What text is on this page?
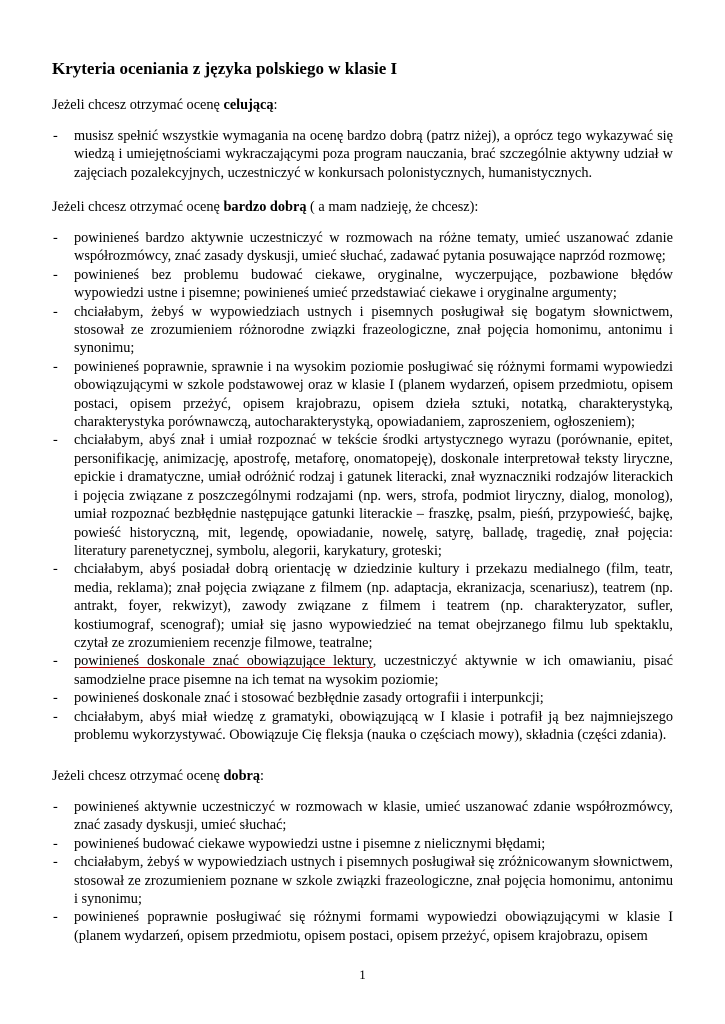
Kryteria oceniania z języka polskiego w klasie I
Jeżeli chcesz otrzymać ocenę celującą:
- musisz spełnić wszystkie wymagania na ocenę bardzo dobrą (patrz niżej), a oprócz tego wykazywać się wiedzą i umiejętnościami wykraczającymi poza program nauczania, brać szczególnie aktywny udział w zajęciach pozalekcyjnych, uczestniczyć w konkursach polonistycznych, humanistycznych.
Jeżeli chcesz otrzymać ocenę bardzo dobrą ( a mam nadzieję, że chcesz):
- powinieneś bardzo aktywnie uczestniczyć w rozmowach na różne tematy, umieć uszanować zdanie współrozmówcy, znać zasady dyskusji, umieć słuchać, zadawać pytania posuwające naprzód rozmowę;
- powinieneś bez problemu budować ciekawe, oryginalne, wyczerpujące, pozbawione błędów wypowiedzi ustne i pisemne; powinieneś umieć przedstawiać ciekawe i oryginalne argumenty;
- chciałabym, żebyś w wypowiedziach ustnych i pisemnych posługiwał się bogatym słownictwem, stosował ze zrozumieniem różnorodne związki frazeologiczne, znał pojęcia homonimu, antonimu i synonimu;
- powinieneś poprawnie, sprawnie i na wysokim poziomie posługiwać się różnymi formami wypowiedzi obowiązującymi w szkole podstawowej oraz w klasie I (planem wydarzeń, opisem przedmiotu, opisem postaci, opisem przeżyć, opisem krajobrazu, opisem dzieła sztuki, notatką, charakterystyką, charakterystyka porównawczą, autocharakterystyką, opowiadaniem, zaproszeniem, ogłoszeniem);
- chciałabym, abyś znał i umiał rozpoznać w tekście środki artystycznego wyrazu (porównanie, epitet, personifikację, animizację, apostrofę, metaforę, onomatopeję), doskonale interpretował teksty liryczne, epickie i dramatyczne, umiał odróżnić rodzaj i gatunek literacki, znał wyznaczniki rodzajów literackich i pojęcia związane z poszczególnymi rodzajami (np. wers, strofa, podmiot liryczny, dialog, monolog), umiał rozpoznać bezbłędnie następujące gatunki literackie – fraszkę, psalm, pieśń, przypowieść, bajkę, powieść historyczną, mit, legendę, opowiadanie, nowelę, satyrę, balladę, tragedię, znał pojęcia: literatury parenetycznej, symbolu, alegorii, karykatury, groteski;
- chciałabym, abyś posiadał dobrą orientację w dziedzinie kultury i przekazu medialnego (film, teatr, media, reklama); znał pojęcia związane z filmem (np. adaptacja, ekranizacja, scenariusz), teatrem (np. antrakt, foyer, rekwizyt), zawody związane z filmem i teatrem (np. charakteryzator, sufler, kostiumograf, scenograf); umiał się jasno wypowiedzieć na temat obejrzanego filmu lub spektaklu, czytał ze zrozumieniem recenzje filmowe, teatralne;
- powinieneś doskonale znać obowiązujące lektury, uczestniczyć aktywnie w ich omawianiu, pisać samodzielne prace pisemne na ich temat na wysokim poziomie;
- powinieneś doskonale znać i stosować bezbłędnie zasady ortografii i interpunkcji;
- chciałabym, abyś miał wiedzę z gramatyki, obowiązującą w I klasie i potrafił ją bez najmniejszego problemu wykorzystywać. Obowiązuje Cię fleksja (nauka o częściach mowy), składnia (części zdania).
Jeżeli chcesz otrzymać ocenę dobrą:
- powinieneś aktywnie uczestniczyć w rozmowach w klasie, umieć uszanować zdanie współrozmówcy, znać zasady dyskusji, umieć słuchać;
- powinieneś budować ciekawe wypowiedzi ustne i pisemne z nielicznymi błędami;
- chciałabym, żebyś w wypowiedziach ustnych i pisemnych posługiwał się zróżnicowanym słownictwem, stosował ze zrozumieniem poznane w szkole związki frazeologiczne, znał pojęcia homonimu, antonimu i synonimu;
- powinieneś poprawnie posługiwać się różnymi formami wypowiedzi obowiązującymi w klasie I (planem wydarzeń, opisem przedmiotu, opisem postaci, opisem przeżyć, opisem krajobrazu, opisem
1
